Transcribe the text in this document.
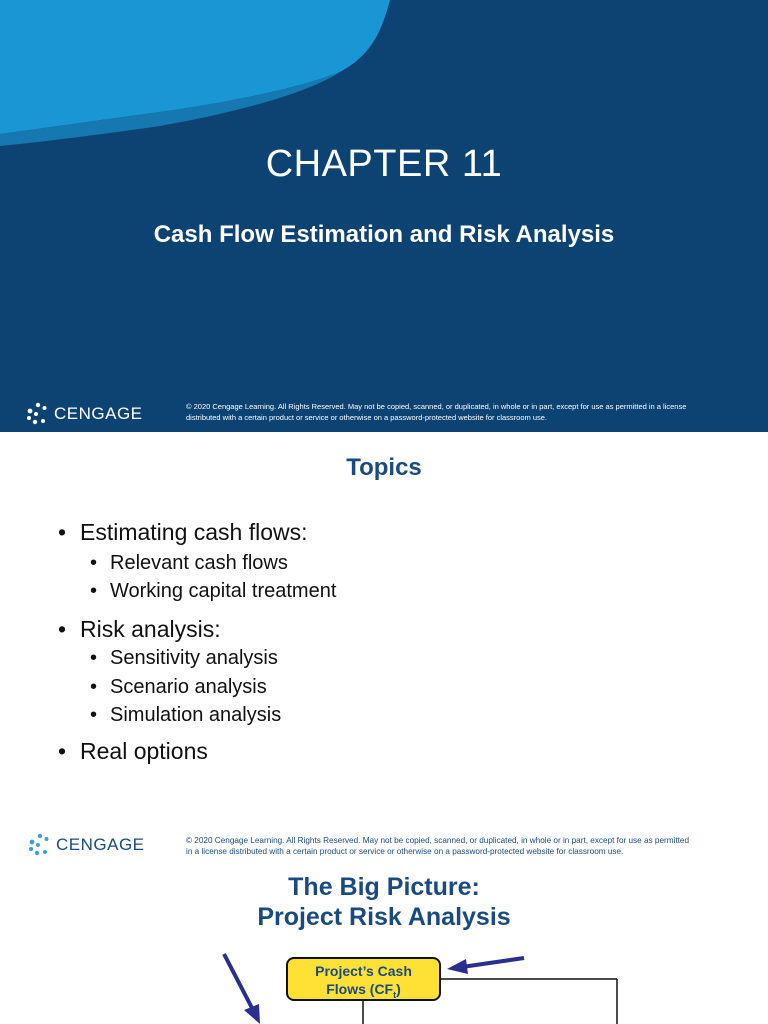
CHAPTER 11
Cash Flow Estimation and Risk Analysis
CENGAGE	© 2020 Cengage Learning. All Rights Reserved. May not be copied, scanned, or duplicated, in whole or in part, except for use as permitted in a license
distributed with a certain product or service or otherwise on a password-protected website for classroom use.
Topics
• Estimating cash flows:
• Relevant cash flows
• Working capital treatment
• Risk analysis:
• Sensitivity analysis
• Scenario analysis
• Simulation analysis
• Real options
CENGAGE	© 2020 Cengage Learning. All Rights Reserved. May not be copied, scanned, or duplicated, in whole or in part, except for use as permitted
in a license distributed with a certain product or service or otherwise on a password-protected website for classroom use.
The Big Picture:
Project Risk Analysis
Project’s Cash
Flows $(CF_t)$
